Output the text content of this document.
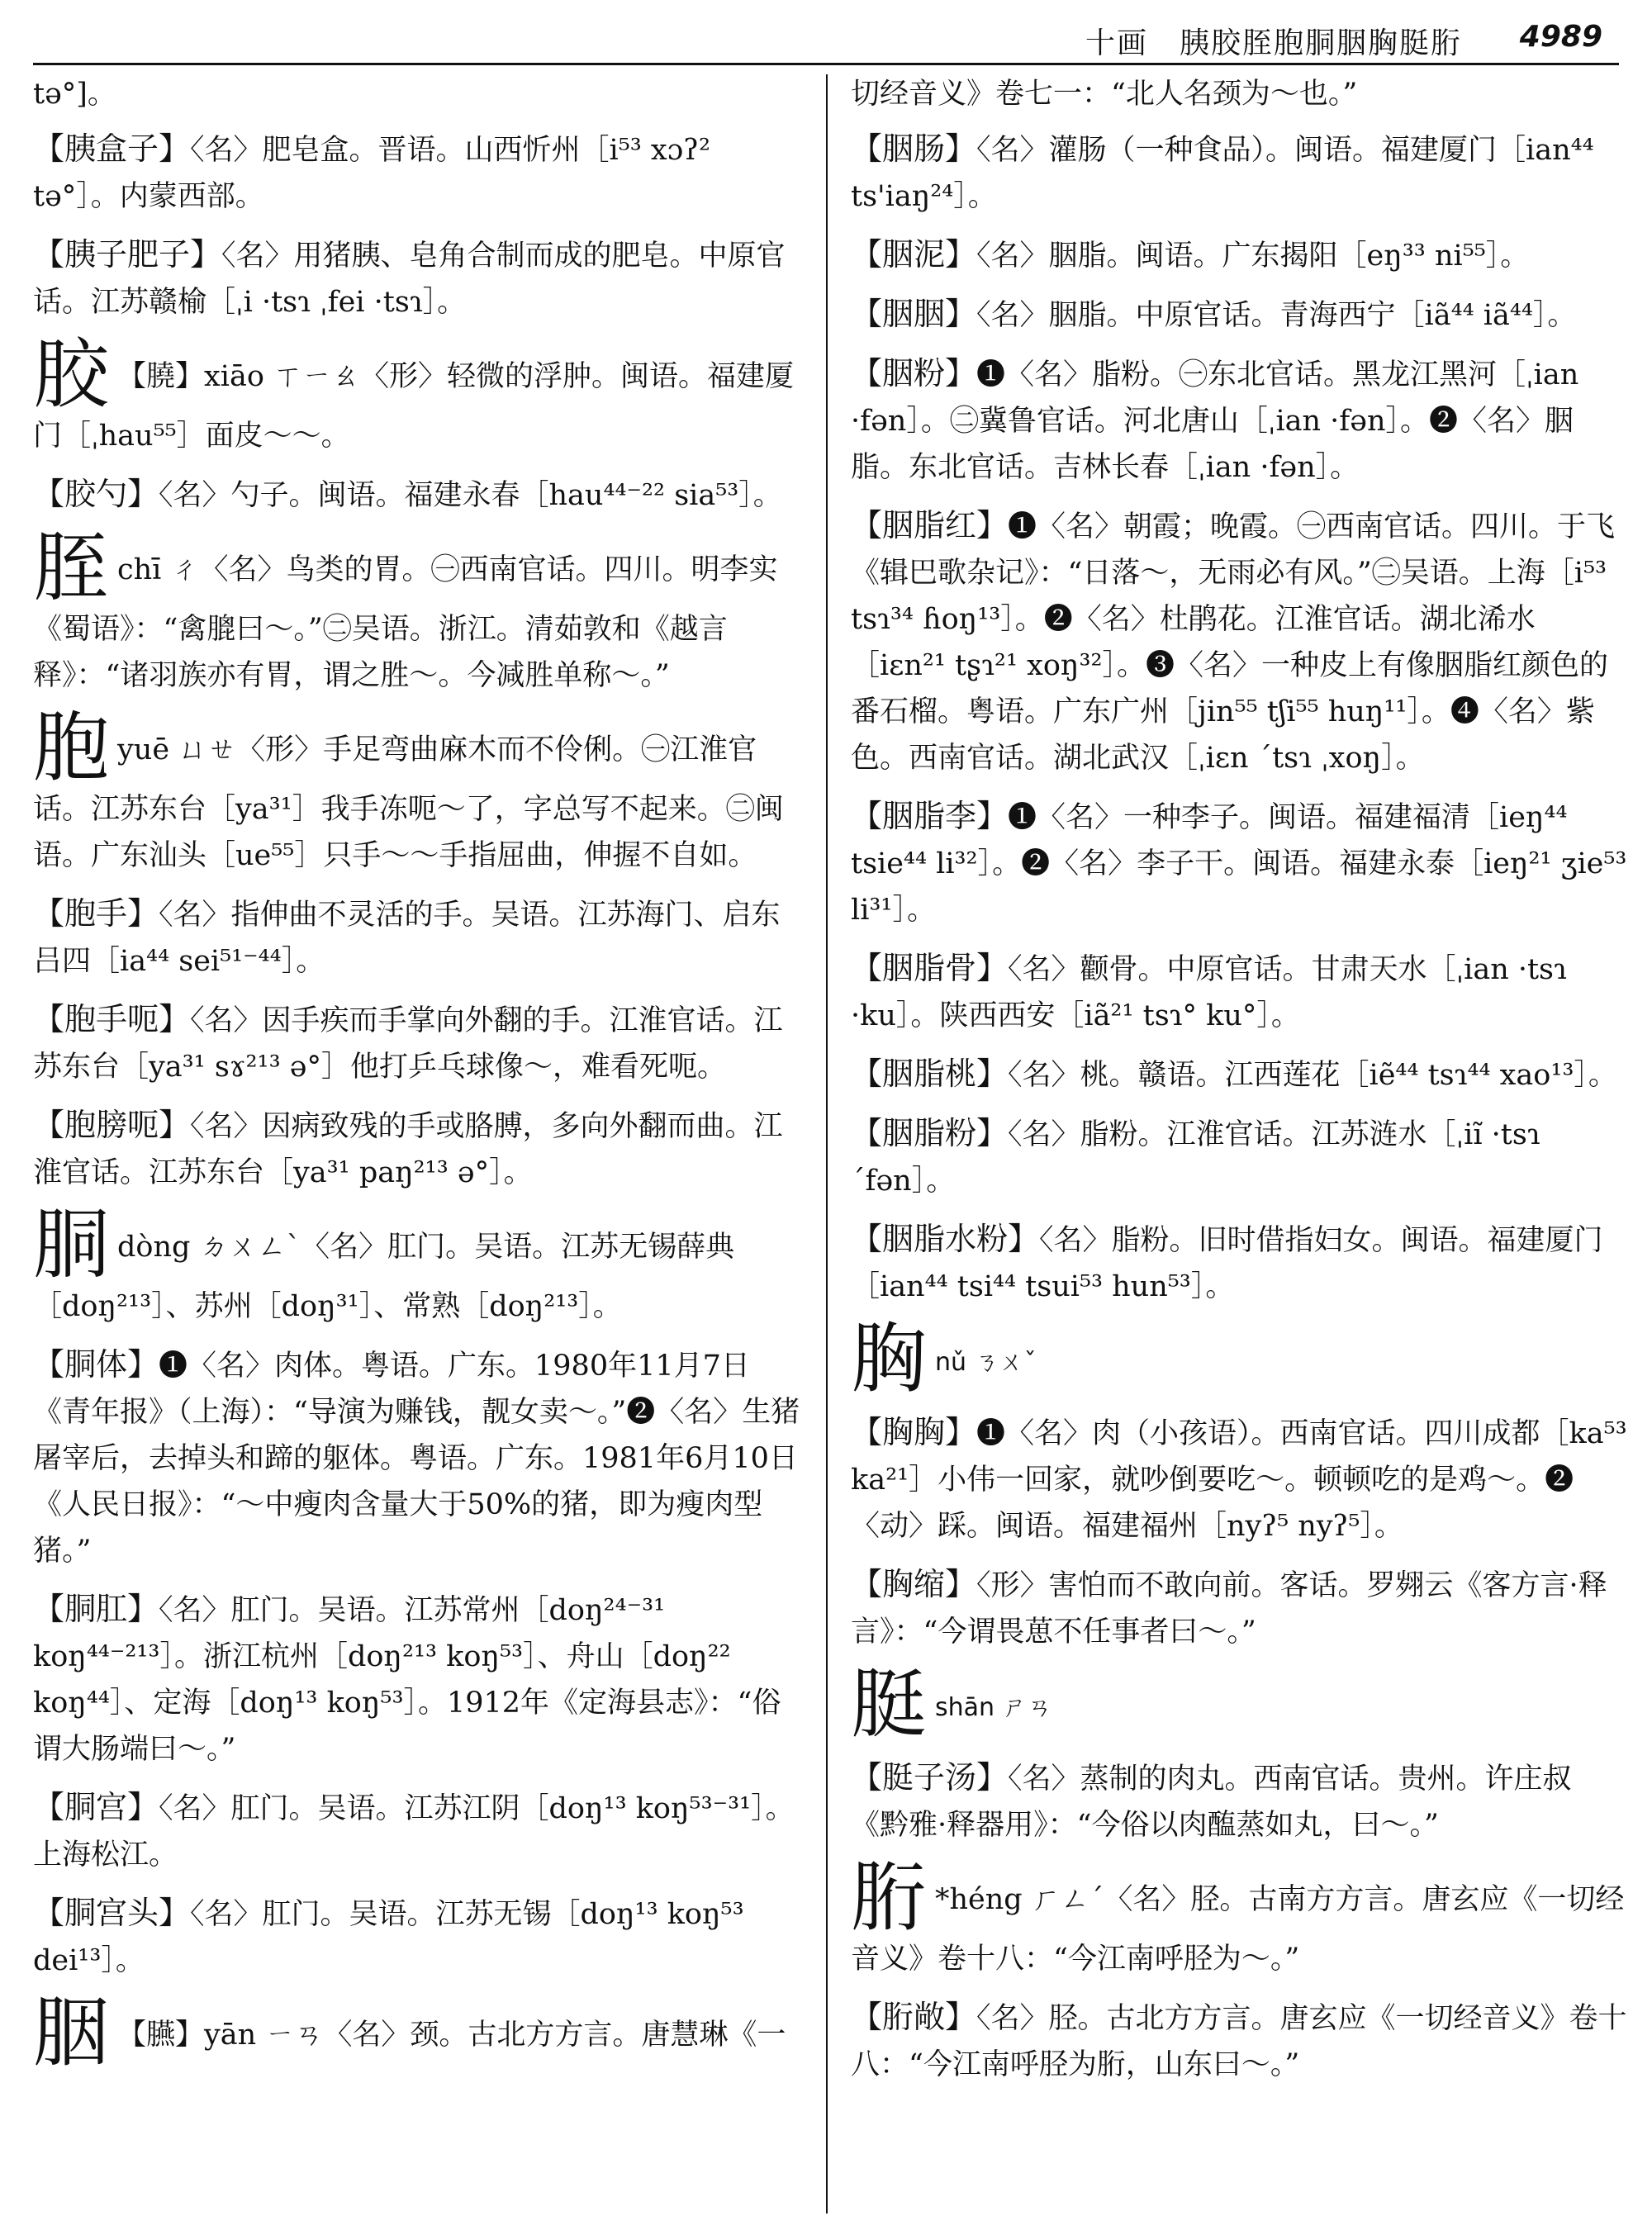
十画　胰胶胵胞胴胭胸脡胻 4989

tə°]。

【胰盒子】〈名〉肥皂盒。晋语。山西忻州［i⁵³ xɔʔ² tə°］。内蒙西部。

【胰子肥子】〈名〉用猪胰、皂角合制而成的肥皂。中原官话。江苏赣榆［ˌi ·tsɿ ˌfei ·tsɿ］。

胶 【膮】xiāo ㄒㄧㄠ〈形〉轻微的浮肿。闽语。福建厦门［ˌhau⁵⁵］面皮～～。

【胶勺】〈名〉勺子。闽语。福建永春［hau⁴⁴⁻²² sia⁵³］。

胵chī ㄔ〈名〉鸟类的胃。㊀西南官话。四川。明李实《蜀语》：“禽膍曰～。”㊁吴语。浙江。清茹敦和《越言释》：“诸羽族亦有胃，谓之胜～。今减胜单称～。”

胞yuē ㄩㄝ〈形〉手足弯曲麻木而不伶俐。㊀江淮官话。江苏东台［ya³¹］我手冻呃～了，字总写不起来。㊁闽语。广东汕头［ue⁵⁵］只手～～手指屈曲，伸握不自如。

【胞手】〈名〉指伸曲不灵活的手。吴语。江苏海门、启东吕四［ia⁴⁴ sei⁵¹⁻⁴⁴］。

【胞手呃】〈名〉因手疾而手掌向外翻的手。江淮官话。江苏东台［ya³¹ sɤ²¹³ ə°］他打乒乓球像～，难看死呃。

【胞膀呃】〈名〉因病致残的手或胳膊，多向外翻而曲。江淮官话。江苏东台［ya³¹ paŋ²¹³ ə°］。

胴dòng ㄉㄨㄥˋ〈名〉肛门。吴语。江苏无锡薛典［doŋ²¹³］、苏州［doŋ³¹］、常熟［doŋ²¹³］。

【胴体】❶〈名〉肉体。粤语。广东。1980年11月7日《青年报》（上海）：“导演为赚钱，靓女卖～。”❷〈名〉生猪屠宰后，去掉头和蹄的躯体。粤语。广东。1981年6月10日《人民日报》：“～中瘦肉含量大于50%的猪，即为瘦肉型猪。”

【胴肛】〈名〉肛门。吴语。江苏常州［doŋ²⁴⁻³¹ koŋ⁴⁴⁻²¹³］。浙江杭州［doŋ²¹³ koŋ⁵³］、舟山［doŋ²² koŋ⁴⁴］、定海［doŋ¹³ koŋ⁵³］。1912年《定海县志》：“俗谓大肠端曰～。”

【胴宫】〈名〉肛门。吴语。江苏江阴［doŋ¹³ koŋ⁵³⁻³¹］。上海松江。

【胴宫头】〈名〉肛门。吴语。江苏无锡［doŋ¹³ koŋ⁵³ dei¹³］。

胭 【臙】yān ㄧㄢ〈名〉颈。古北方方言。唐慧琳《一

切经音义》卷七一：“北人名颈为～也。”

【胭肠】〈名〉灌肠（一种食品）。闽语。福建厦门［ian⁴⁴ ts'iaŋ²⁴］。

【胭泥】〈名〉胭脂。闽语。广东揭阳［eŋ³³ ni⁵⁵］。

【胭胭】〈名〉胭脂。中原官话。青海西宁［iã⁴⁴ iã⁴⁴］。

【胭粉】❶〈名〉脂粉。㊀东北官话。黑龙江黑河［ˌian ·fən］。㊁冀鲁官话。河北唐山［ˌian ·fən］。❷〈名〉胭脂。东北官话。吉林长春［ˌian ·fən］。

【胭脂红】❶〈名〉朝霞；晚霞。㊀西南官话。四川。于飞《辑巴歌杂记》：“日落～，无雨必有风。”㊁吴语。上海［i⁵³ tsɿ³⁴ ɦoŋ¹³］。❷〈名〉杜鹃花。江淮官话。湖北浠水［iɛn²¹ tʂɿ²¹ xoŋ³²］。❸〈名〉一种皮上有像胭脂红颜色的番石榴。粤语。广东广州［jin⁵⁵ tʃi⁵⁵ huŋ¹¹］。❹〈名〉紫色。西南官话。湖北武汉［ˌiɛn ˊtsɿ ˌxoŋ］。

【胭脂李】❶〈名〉一种李子。闽语。福建福清［ieŋ⁴⁴ tsie⁴⁴ li³²］。❷〈名〉李子干。闽语。福建永泰［ieŋ²¹ ʒie⁵³ li³¹］。

【胭脂骨】〈名〉颧骨。中原官话。甘肃天水［ˌian ·tsɿ ·ku］。陕西西安［iã²¹ tsɿ° ku°］。

【胭脂桃】〈名〉桃。赣语。江西莲花［iẽ⁴⁴ tsɿ⁴⁴ xao¹³］。

【胭脂粉】〈名〉脂粉。江淮官话。江苏涟水［ˌiĩ ·tsɿ ˊfən］。

【胭脂水粉】〈名〉脂粉。旧时借指妇女。闽语。福建厦门［ian⁴⁴ tsi⁴⁴ tsui⁵³ hun⁵³］。

胸nǔ ㄋㄨˇ

【胸胸】❶〈名〉肉（小孩语）。西南官话。四川成都［ka⁵³ ka²¹］小伟一回家，就吵倒要吃～。顿顿吃的是鸡～。❷〈动〉踩。闽语。福建福州［nyʔ⁵ nyʔ⁵］。

【胸缩】〈形〉害怕而不敢向前。客话。罗翙云《客方言·释言》：“今谓畏葸不任事者曰～。”

脡shān ㄕㄢ

【脡子汤】〈名〉蒸制的肉丸。西南官话。贵州。许庄叔《黔雅·释器用》：“今俗以肉醢蒸如丸，曰～。”

胻 *héng ㄏㄥˊ〈名〉胫。古南方方言。唐玄应《一切经音义》卷十八：“今江南呼胫为～。”

【胻敞】〈名〉胫。古北方方言。唐玄应《一切经音义》卷十八：“今江南呼胫为胻，山东曰～。”
